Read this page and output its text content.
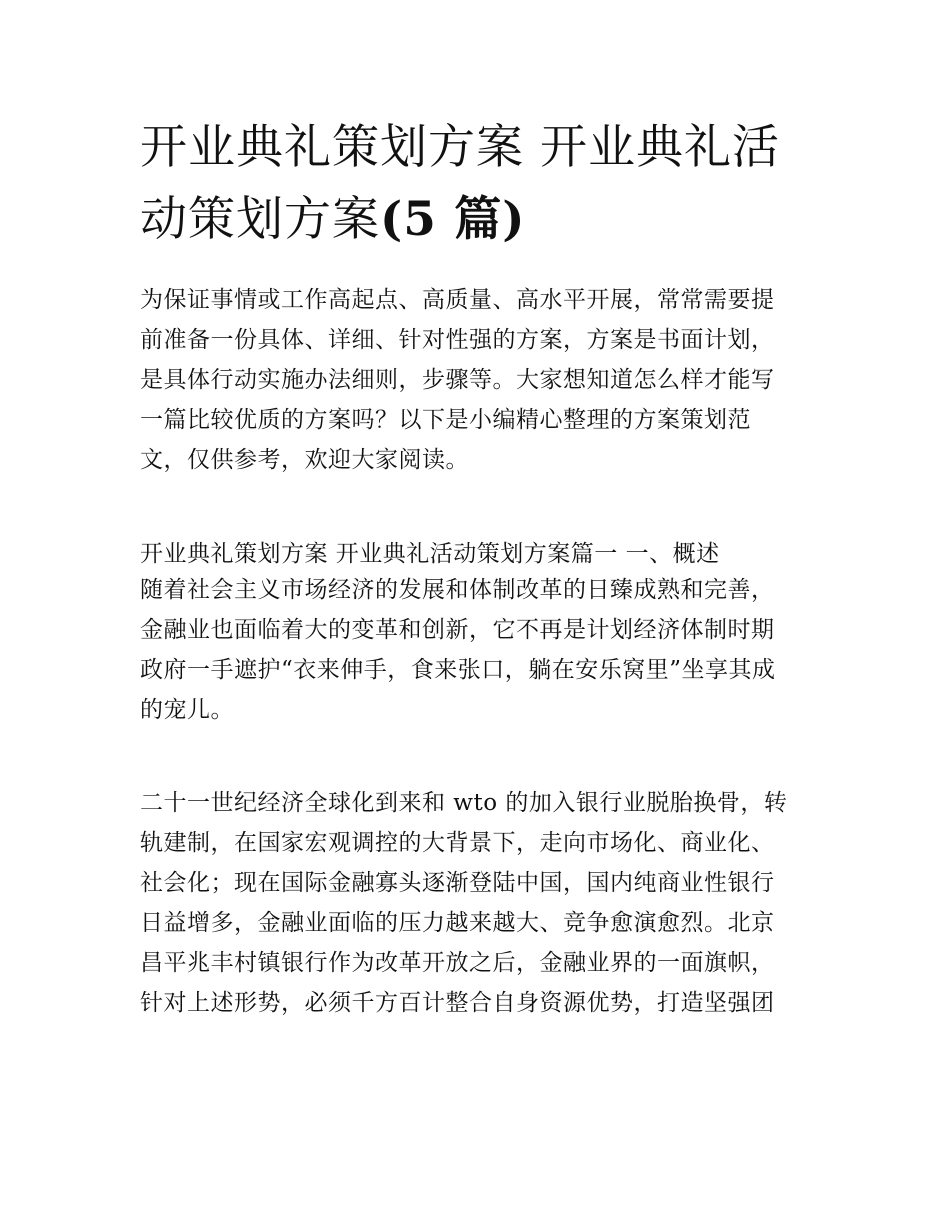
开业典礼策划方案 开业典礼活
动策划方案(5 篇)
为保证事情或工作高起点、高质量、高水平开展，常常需要提
前准备一份具体、详细、针对性强的方案，方案是书面计划，
是具体行动实施办法细则，步骤等。大家想知道怎么样才能写
一篇比较优质的方案吗？以下是小编精心整理的方案策划范
文，仅供参考，欢迎大家阅读。
开业典礼策划方案 开业典礼活动策划方案篇一 一、概述
随着社会主义市场经济的发展和体制改革的日臻成熟和完善，
金融业也面临着大的变革和创新，它不再是计划经济体制时期
政府一手遮护“衣来伸手，食来张口，躺在安乐窝里”坐享其成
的宠儿。
二十一世纪经济全球化到来和 wto 的加入银行业脱胎换骨，转
轨建制，在国家宏观调控的大背景下，走向市场化、商业化、
社会化；现在国际金融寡头逐渐登陆中国，国内纯商业性银行
日益增多，金融业面临的压力越来越大、竞争愈演愈烈。北京
昌平兆丰村镇银行作为改革开放之后，金融业界的一面旗帜，
针对上述形势，必须千方百计整合自身资源优势，打造坚强团
